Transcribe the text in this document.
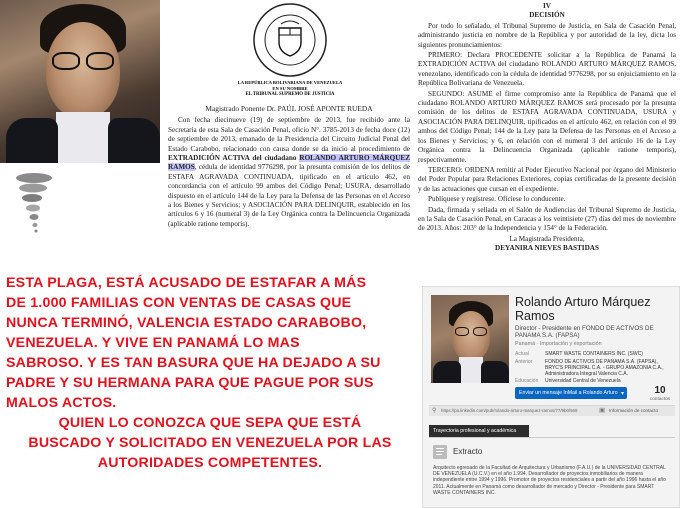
LA REPÚBLICA BOLIVARIANA DE VENEZUELA
EN SU NOMBRE
EL TRIBUNAL SUPREMO DE JUSTICIA
Magistrado Ponente Dr. PAÚL JOSÉ APONTE RUEDA

Con fecha diecinueve (19) de septiembre de 2013, fue recibido ante la Secretaría de esta Sala de Casación Penal, oficio N°. 3785-2013 de fecha doce (12) de septiembre de 2013, emanado de la Presidencia del Circuito Judicial Penal del Estado Carabobo, relacionado con causa donde se da inicio al procedimiento de EXTRADICIÓN ACTIVA del ciudadano ROLANDO ARTURO MÁRQUEZ RAMOS, cédula de identidad 9776298, por la presunta comisión de los delitos de ESTAFA AGRAVADA CONTINUADA, tipificado en el artículo 462, en concordancia con el artículo 99 ambos del Código Penal; USURA, desarrollado dispuesto en el artículo 144 de la Ley para la Defensa de las Personas en el Acceso a los Bienes y Servicios; y ASOCIACIÓN PARA DELINQUIR, establecido en los artículos 6 y 16 (numeral 3) de la Ley Orgánica contra la Delincuencia Organizada (aplicable ratione temporis).

IV
DECISIÓN

Por todo lo señalado, el Tribunal Supremo de Justicia, en Sala de Casación Penal, administrando justicia en nombre de la República y por autoridad de la ley, dicta los siguientes pronunciamientos:

PRIMERO: Declara PROCEDENTE solicitar a la República de Panamá la EXTRADICIÓN ACTIVA del ciudadano ROLANDO ARTURO MÁRQUEZ RAMOS, venezolano, identificado con la cédula de identidad 9776298, por su enjuiciamiento en la República Bolivariana de Venezuela.

SEGUNDO: ASUME el firme compromiso ante la República de Panamá que el ciudadano ROLANDO ARTURO MÁRQUEZ RAMOS será procesado por la presunta comisión de los delitos de ESTAFA AGRAVADA CONTINUADA, USURA y ASOCIACIÓN PARA DELINQUIR, tipificados en el artículo 462, en relación con el 99 ambos del Código Penal; 144 de la Ley para la Defensa de las Personas en el Acceso a los Bienes y Servicios; y 6, en relación con el numeral 3 del artículo 16 de la Ley Orgánica contra la Delincuencia Organizada (aplicable ratione temporis), respectivamente.

TERCERO: ORDENA remitir al Poder Ejecutivo Nacional por órgano del Ministerio del Poder Popular para Relaciones Exteriores, copias certificadas de la presente decisión y de las actuaciones que cursan en el expediente.

Publíquese y regístrese. Ofíciese lo conducente.

Dada, firmada y sellada en el Salón de Audiencias del Tribunal Supremo de Justicia, en la Sala de Casación Penal, en Caracas a los veintisiete (27) días del mes de noviembre de 2013. Años: 203° de la Independencia y 154° de la Federación.

La Magistrada Presidenta,
DEYANIRA NIEVES BASTIDAS
ESTA PLAGA, ESTÁ ACUSADO DE ESTAFAR A MÁS
DE 1.000 FAMILIAS CON VENTAS DE CASAS QUE
NUNCA TERMINÓ, VALENCIA ESTADO CARABOBO,
VENEZUELA. Y VIVE EN PANAMÁ LO MAS
SABROSO. Y ES TAN BASURA QUE HA DEJADO A SU
PADRE Y SU HERMANA PARA QUE PAGUE POR SUS
MALOS ACTOS.
QUIEN LO CONOZCA QUE SEPA QUE ESTÁ
BUSCADO Y SOLICITADO EN VENEZUELA POR LAS
AUTORIDADES COMPETENTES.
Rolando Arturo Márquez Ramos
Director - Presidente en FONDO DE ACTIVOS DE PANAMA S.A. (FAPSA)
Panamá · Importación y exportación
Actual	SMART WASTE CONTAINERS INC. (SWC)
Anterior	FONDO DE ACTIVOS DE PANAMA S.A. (FAPSA), BRYC'S PRINCIPAL C.A. - GRUPO AMAZONIA C.A., Administradora Integral Valencia C.A.
Educación	Universidad Central de Venezuela
Enviar un mensaje InMail a Rolando Arturo ▾	10
contactos
⚲ https://pa.linkedin.com/pub/rolando-arturo-marquez-ramos/77/9b0/569	▣ Información de contacto
Trayectoria profesional y académica
Extracto
Arquitecto egresado de la Facultad de Arquitectura y Urbanismo (F.A.U.) de la UNIVERSIDAD CENTRAL DE VENEZUELA (U.C.V.) en el año 1.994. Desarrollador de proyectos inmobiliarios de manera independiente entre 1994 y 1996. Promotor de proyectos residenciales a partir del año 1996 hasta el año 2011. Actualmente en Panamá como desarrollador de mercado y Director - Presidente para SMART WASTE CONTAINERS INC.
